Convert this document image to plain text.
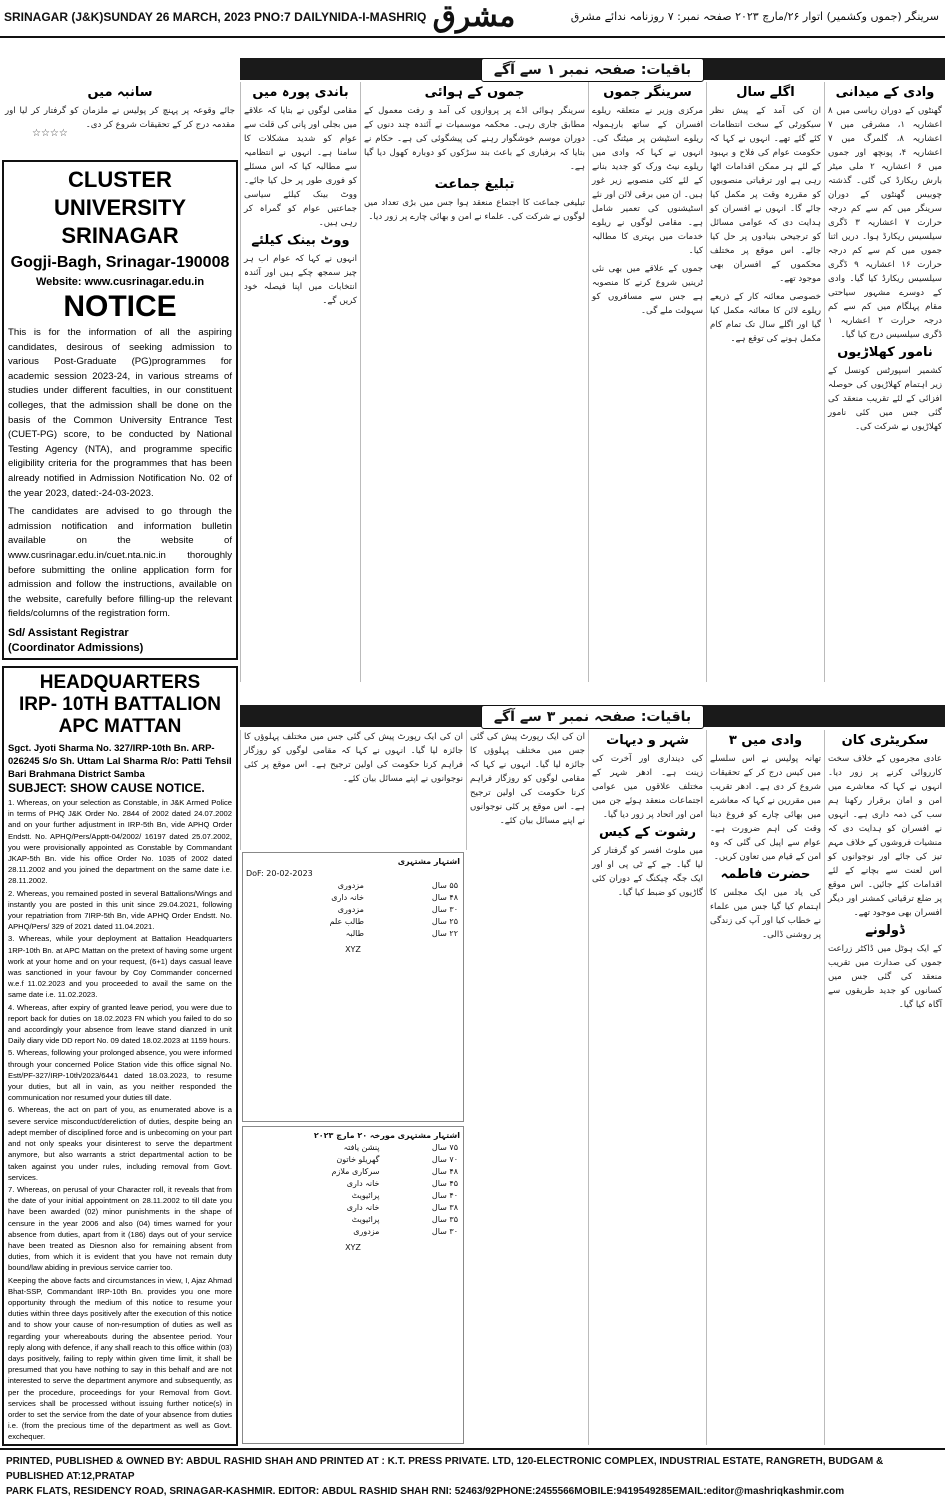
SRINAGAR (J&K)SUNDAY 26 MARCH, 2023 PNO:7 DAILYNIDA-I-MASHRIQ مشرق	سرینگر (جموں وکشمیر) اتوار ۲۶/مارچ ۲۰۲۳ صفحہ نمبر: ۷ روزنامہ ندائے مشرق
باقیات: صفحہ نمبر ۱ سے آگے
سانبہ میں

جائے وقوعہ پر پہنچ کر پولیس نے ملزمان کو گرفتار کر لیا اور مقدمہ درج کر کے تحقیقات شروع کر دی۔

☆☆☆☆
CLUSTER UNIVERSITY SRINAGAR
Gogji-Bagh, Srinagar-190008
Website: www.cusrinagar.edu.in
NOTICE
This is for the information of all the aspiring candidates, desirous of seeking admission to various Post-Graduate (PG)programmes for academic session 2023-24, in various streams of studies under different faculties, in our constituent colleges, that the admission shall be done on the basis of the Common University Entrance Test (CUET-PG) score, to be conducted by National Testing Agency (NTA), and programme specific eligibility criteria for the programmes that has been already notified in Admission Notification No. 02 of the year 2023, dated:-24-03-2023.
The candidates are advised to go through the admission notification and information bulletin available on the website of www.cusrinagar.edu.in/cuet.nta.nic.in thoroughly before submitting the online application form for admission and follow the instructions, available on the website, carefully before filling-up the relevant fields/columns of the registration form.
Sd/ Assistant Registrar
(Coordinator Admissions)
وادی کے میدانی

گھنٹوں کے دوران ریاسی میں ۸ اعشاریہ ۱، مشرقی میں ۷ اعشاریہ ۸، گلمرگ میں ۷ اعشاریہ ۴، پونچھ اور جموں میں ۶ اعشاریہ ۲ ملی میٹر بارش ریکارڈ کی گئی۔ گذشتہ چوبیس گھنٹوں کے دوران سرینگر میں کم سے کم درجہ حرارت ۷ اعشاریہ ۳ ڈگری سیلسیس ریکارڈ ہوا۔ دریں اثنا جموں میں کم سے کم درجہ حرارت ۱۶ اعشاریہ ۹ ڈگری سیلسیس ریکارڈ کیا گیا۔ وادی کے دوسرے مشہور سیاحتی مقام پہلگام میں کم سے کم درجہ حرارت ۲ اعشاریہ ۱ ڈگری سیلسیس درج کیا گیا۔

نامور کھلاڑیوں

کشمیر اسپورٹس کونسل کے زیر اہتمام کھلاڑیوں کی حوصلہ افزائی کے لئے تقریب منعقد کی گئی جس میں کئی نامور کھلاڑیوں نے شرکت کی۔

اگلے سال

ان کی آمد کے پیش نظر سیکورٹی کے سخت انتظامات کئے گئے تھے۔ انہوں نے کہا کہ حکومت عوام کی فلاح و بہبود کے لئے ہر ممکن اقدامات اٹھا رہی ہے اور ترقیاتی منصوبوں کو مقررہ وقت پر مکمل کیا جائے گا۔ انہوں نے افسران کو ہدایت دی کہ عوامی مسائل کو ترجیحی بنیادوں پر حل کیا جائے۔ اس موقع پر مختلف محکموں کے افسران بھی موجود تھے۔

خصوصی معائنہ کار کے ذریعے ریلوے لائن کا معائنہ مکمل کیا گیا اور اگلے سال تک تمام کام مکمل ہونے کی توقع ہے۔

سرینگر جموں

مرکزی وزیر نے متعلقہ ریلوے افسران کے ساتھ بارہمولہ ریلوے اسٹیشن پر میٹنگ کی۔ انہوں نے کہا کہ وادی میں ریلوے نیٹ ورک کو جدید بنانے کے لئے کئی منصوبے زیر غور ہیں۔ ان میں برقی لائن اور نئے اسٹیشنوں کی تعمیر شامل ہے۔ مقامی لوگوں نے ریلوے خدمات میں بہتری کا مطالبہ کیا۔

جموں کے علاقے میں بھی نئی ٹرینیں شروع کرنے کا منصوبہ ہے جس سے مسافروں کو سہولت ملے گی۔

جموں کے ہوائی

سرینگر ہوائی اڈے پر پروازوں کی آمد و رفت معمول کے مطابق جاری رہی۔ محکمہ موسمیات نے آئندہ چند دنوں کے دوران موسم خوشگوار رہنے کی پیشگوئی کی ہے۔ حکام نے بتایا کہ برفباری کے باعث بند سڑکوں کو دوبارہ کھول دیا گیا ہے۔

تبلیغ جماعت

تبلیغی جماعت کا اجتماع منعقد ہوا جس میں بڑی تعداد میں لوگوں نے شرکت کی۔ علماء نے امن و بھائی چارے پر زور دیا۔

باندی پورہ میں

مقامی لوگوں نے بتایا کہ علاقے میں بجلی اور پانی کی قلت سے عوام کو شدید مشکلات کا سامنا ہے۔ انہوں نے انتظامیہ سے مطالبہ کیا کہ اس مسئلے کو فوری طور پر حل کیا جائے۔ ووٹ بینک کیلئے سیاسی جماعتیں عوام کو گمراہ کر رہی ہیں۔

ووٹ بینک کیلئے

انہوں نے کہا کہ عوام اب ہر چیز سمجھ چکے ہیں اور آئندہ انتخابات میں اپنا فیصلہ خود کریں گے۔

HEADQUARTERS
IRP- 10TH BATTALION
APC MATTAN
Sgct. Jyoti Sharma No. 327/IRP-10th Bn. ARP-026245 S/o Sh. Uttam Lal Sharma R/o: Patti Tehsil Bari Brahmana District Samba
SUBJECT: SHOW CAUSE NOTICE.
1. Whereas, on your selection as Constable, in J&K Armed Police in terms of PHQ J&K Order No. 2844 of 2002 dated 24.07.2002 and on your further adjustment in IRP-5th Bn, vide APHQ Order Endstt. No. APHQ/Pers/Apptt-04/2002/ 16197 dated 25.07.2002, you were provisionally appointed as Constable by Commandant JKAP-5th Bn. vide his office Order No. 1035 of 2002 dated 28.11.2002 and you joined the department on the same date i.e. 28.11.2002.
2. Whereas, you remained posted in several Battalions/Wings and instantly you are posted in this unit since 29.04.2021, following your repatriation from 7IRP-5th Bn, vide APHQ Order Endstt. No. APHQ/Pers/ 329 of 2021 dated 11.04.2021.
3. Whereas, while your deployment at Battalion Headquarters 1RP-10th Bn. at APC Mattan on the pretext of having some urgent work at your home and on your request, (6+1) days casual leave was sanctioned in your favour by Coy Commander concerned w.e.f 11.02.2023 and you proceeded to avail the same on the same date i.e. 11.02.2023.
4. Whereas, after expiry of granted leave period, you were due to report back for duties on 18.02.2023 FN which you failed to do so and accordingly your absence from leave stand dianzed in unit Daily diary vide DD report No. 09 dated 18.02.2023 at 1159 hours.
5. Whereas, following your prolonged absence, you were informed through your concerned Police Station vide this office signal No. Estt/PF-327/IRP-10th/2023/6441 dated 18.03.2023, to resume your duties, but all in vain, as you neither responded the communication nor resumed your duties till date.
6. Whereas, the act on part of you, as enumerated above is a severe service misconduct/dereliction of duties, despite being an adept member of disciplined force and is unbecoming on your part and not only speaks your disinterest to serve the department anymore, but also warrants a strict departmental action to be taken against you under rules, including removal from Govt. services.
7. Whereas, on perusal of your Character roll, it reveals that from the date of your initial appointment on 28.11.2002 to till date you have been awarded (02) minor punishments in the shape of censure in the year 2006 and also (04) times warned for your absence from duties, apart from it (186) days out of your service have been treated as Diesnon also for remaining absent from duties, from which it is evident that you have not remain duty bound/law abiding in previous service carrier too.
Keeping the above facts and circumstances in view, I, Ajaz Ahmad Bhat-SSP, Commandant IRP-10th Bn. provides you one more opportunity through the medium of this notice to resume your duties within three days positively after the execution of this notice and to show your cause of non-resumption of duties as well as regarding your whereabouts during the absentee period. Your reply along with defence, if any shall reach to this office within (03) days positively, failing to reply within given time limit, it shall be presumed that you have nothing to say in this behalf and are not interested to serve the department anymore and subsequently, as per the procedure, proceedings for your Removal from Govt. services shall be processed without issuing further notice(s) in order to set the service from the date of your absence from duties i.e. (from the precious time of the department as well as Govt. exchequer.
باقیات: صفحہ نمبر ۳ سے آگے
سکریٹری کان

عادی مجرموں کے خلاف سخت کارروائی کرنے پر زور دیا۔ انہوں نے کہا کہ معاشرے میں امن و امان برقرار رکھنا ہم سب کی ذمہ داری ہے۔ انہوں نے افسران کو ہدایت دی کہ منشیات فروشوں کے خلاف مہم تیز کی جائے اور نوجوانوں کو اس لعنت سے بچانے کے لئے اقدامات کئے جائیں۔ اس موقع پر ضلع ترقیاتی کمشنر اور دیگر افسران بھی موجود تھے۔

ڈولونے

کے ایک ہوٹل میں ڈاکٹر زراعت جموں کی صدارت میں تقریب منعقد کی گئی جس میں کسانوں کو جدید طریقوں سے آگاہ کیا گیا۔

وادی میں ۳

تھانہ پولیس نے اس سلسلے میں کیس درج کر کے تحقیقات شروع کر دی ہے۔ ادھر تقریب میں مقررین نے کہا کہ معاشرے میں بھائی چارے کو فروغ دینا وقت کی اہم ضرورت ہے۔ عوام سے اپیل کی گئی کہ وہ امن کے قیام میں تعاون کریں۔

حضرت فاطمہ

کی یاد میں ایک مجلس کا اہتمام کیا گیا جس میں علماء نے خطاب کیا اور آپ کی زندگی پر روشنی ڈالی۔

شہر و دیہات

کی دینداری اور آخرت کی زینت ہے۔ ادھر شہر کے مختلف علاقوں میں عوامی اجتماعات منعقد ہوئے جن میں امن اور اتحاد پر زور دیا گیا۔

رشوت کے کیس

میں ملوث افسر کو گرفتار کر لیا گیا۔ جے کے ٹی پی او اور ایک جگہ چیکنگ کے دوران کئی گاڑیوں کو ضبط کیا گیا۔

ان کی ایک رپورٹ پیش کی گئی جس میں مختلف پہلوؤں کا جائزہ لیا گیا۔ انہوں نے کہا کہ مقامی لوگوں کو روزگار فراہم کرنا حکومت کی اولین ترجیح ہے۔ اس موقع پر کئی نوجوانوں نے اپنے مسائل بیان کئے۔

اشتہار مشتہری
DoF: 20-02-2023
۵۵ سال	مزدوری
۴۸ سال	خانہ داری
۳۰ سال	مزدوری
۲۵ سال	طالب علم
۲۲ سال	طالبہ
XYZ
اشتہار مشتہری مورخہ ۲۰ مارچ ۲۰۲۳
۷۵ سال	پنشن یافتہ
۷۰ سال	گھریلو خاتون
۴۸ سال	سرکاری ملازم
۴۵ سال	خانہ داری
۴۰ سال	پرائیویٹ
۳۸ سال	خانہ داری
۳۵ سال	پرائیویٹ
۳۰ سال	مزدوری
XYZ

ان کی ایک رپورٹ پیش کی گئی جس میں مختلف پہلوؤں کا جائزہ لیا گیا۔ انہوں نے کہا کہ مقامی لوگوں کو روزگار فراہم کرنا حکومت کی اولین ترجیح ہے۔ اس موقع پر کئی نوجوانوں نے اپنے مسائل بیان کئے۔

PRINTED, PUBLISHED & OWNED BY: ABDUL RASHID SHAH AND PRINTED AT : K.T. PRESS PRIVATE. LTD, 120-ELECTRONIC COMPLEX, INDUSTRIAL ESTATE, RANGRETH, BUDGAM & PUBLISHED AT:12,PRATAP
PARK FLATS, RESIDENCY ROAD, SRINAGAR-KASHMIR. EDITOR: ABDUL RASHID SHAH RNI: 52463/92PHONE:2455566MOBILE:9419549285EMAIL:editor@mashriqkashmir.com
